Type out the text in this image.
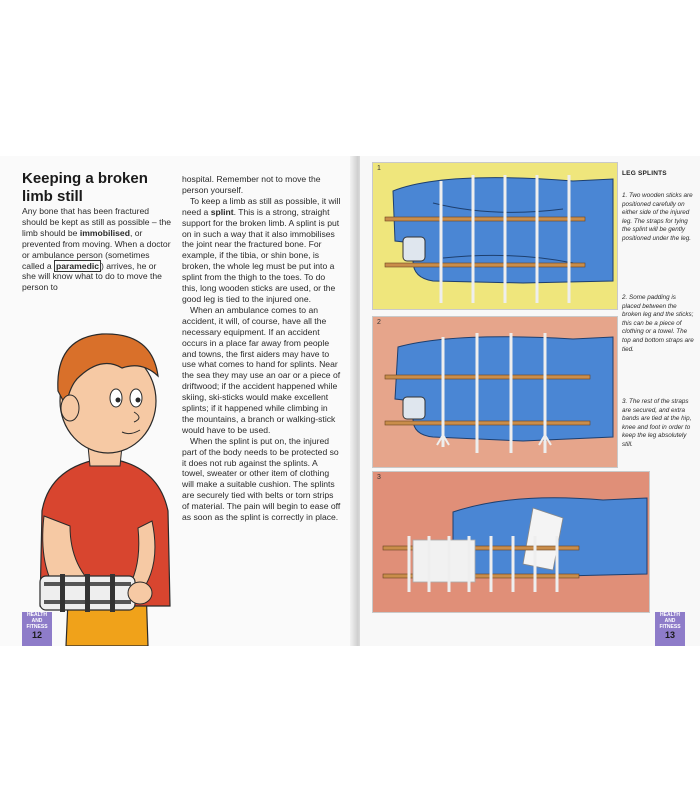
Keeping a broken
limb still

Any bone that has been fractured should be kept as still as possible – the limb should be immobilised, or prevented from moving. When a doctor or ambulance person (sometimes called a paramedic ) arrives, he or she will know what to do to move the person to

hospital. Remember not to move the person yourself.

To keep a limb as still as possible, it will need a splint. This is a strong, straight support for the broken limb. A splint is put on in such a way that it also immobilises the joint near the fractured bone. For example, if the tibia, or shin bone, is broken, the whole leg must be put into a splint from the thigh to the toes. To do this, long wooden sticks are used, or the good leg is tied to the injured one.

When an ambulance comes to an accident, it will, of course, have all the necessary equipment. If an accident occurs in a place far away from people and towns, the first aiders may have to use what comes to hand for splints. Near the sea they may use an oar or a piece of driftwood; if the accident happened while skiing, ski-sticks would make excellent splints; if it happened while climbing in the mountains, a branch or walking-stick would have to be used.

When the splint is put on, the injured part of the body needs to be protected so it does not rub against the splints. A towel, sweater or other item of clothing will make a suitable cushion. The splints are securely tied with belts or torn strips of material. The pain will begin to ease off as soon as the splint is correctly in place.

HEALTH
AND
FITNESS
12
1
2
3
LEG SPLINTS
1. Two wooden sticks are positioned carefully on either side of the injured leg. The straps for tying the splint will be gently positioned under the leg.
2. Some padding is placed between the broken leg and the sticks; this can be a piece of clothing or a towel. The top and bottom straps are tied.
3. The rest of the straps are secured, and extra bands are tied at the hip, knee and foot in order to keep the leg absolutely still.
HEALTH
AND
FITNESS
13
